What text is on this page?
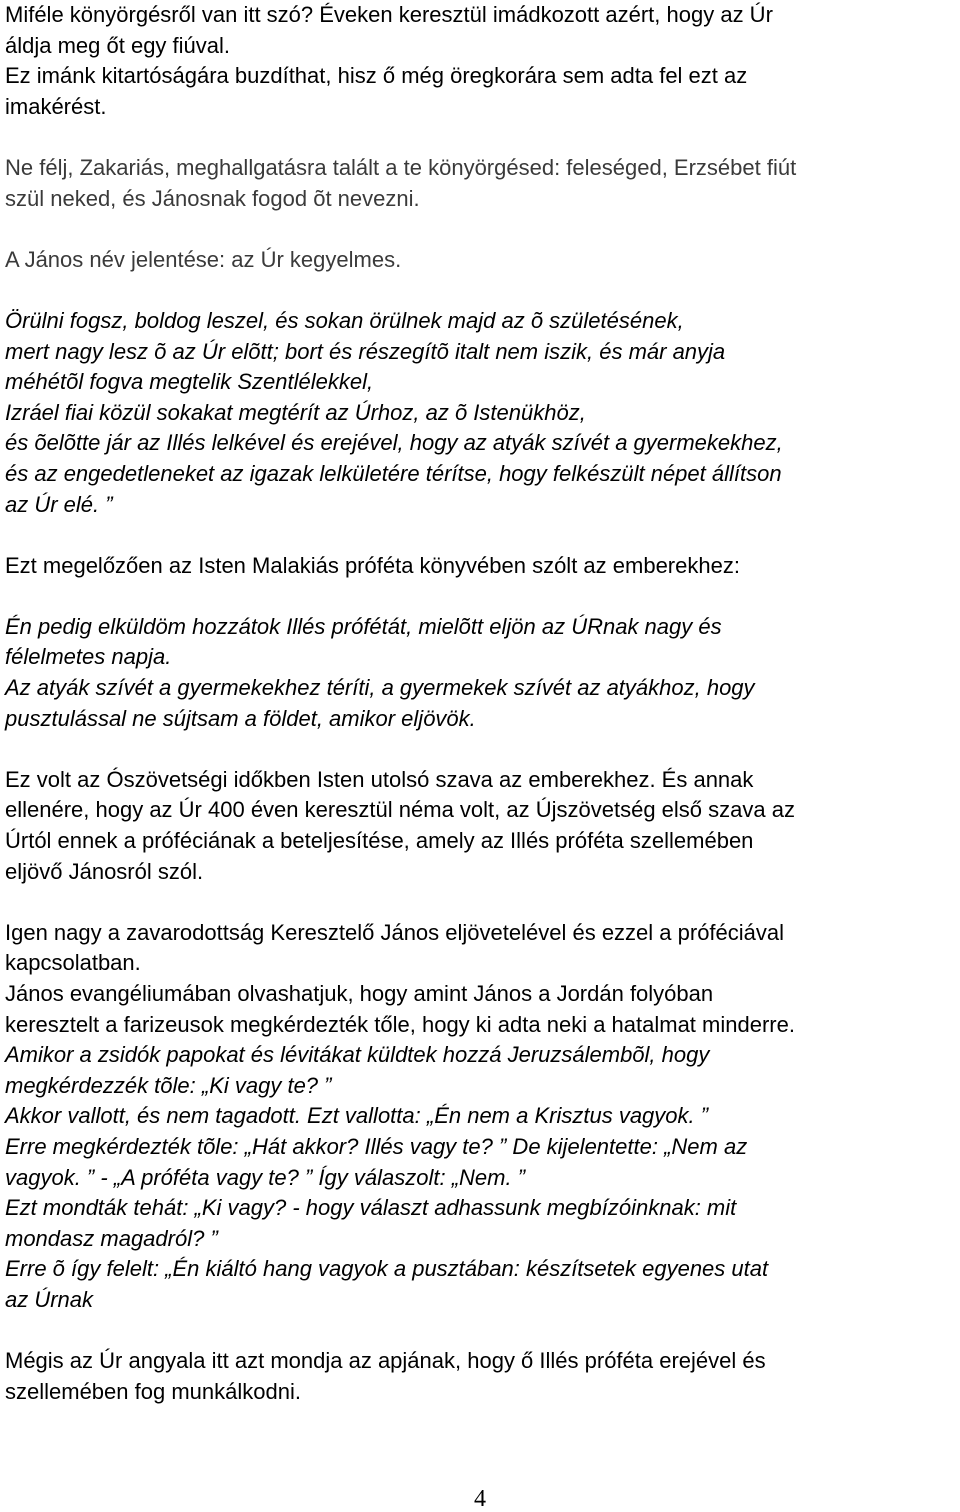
Miféle könyörgésről van itt szó? Éveken keresztül imádkozott azért, hogy az Úr
áldja meg őt egy fiúval.
Ez imánk kitartóságára buzdíthat, hisz ő még öregkorára sem adta fel ezt az
imakérést.
Ne félj, Zakariás, meghallgatásra talált a te könyörgésed: feleséged, Erzsébet fiút
szül neked, és Jánosnak fogod õt nevezni.
A János név jelentése: az Úr kegyelmes.
Örülni fogsz, boldog leszel, és sokan örülnek majd az õ születésének,
mert nagy lesz õ az Úr elõtt; bort és részegítõ italt nem iszik, és már anyja
méhétõl fogva megtelik Szentlélekkel,
Izráel fiai közül sokakat megtérít az Úrhoz, az õ Istenükhöz,
és õelõtte jár az Illés lelkével és erejével, hogy az atyák szívét a gyermekekhez,
és az engedetleneket az igazak lelkületére térítse, hogy felkészült népet állítson
az Úr elé. ”
Ezt megelőzően az Isten Malakiás próféta könyvében szólt az emberekhez:
Én pedig elküldöm hozzátok Illés prófétát, mielõtt eljön az ÚRnak nagy és
félelmetes napja.
Az atyák szívét a gyermekekhez téríti, a gyermekek szívét az atyákhoz, hogy
pusztulással ne sújtsam a földet, amikor eljövök.
Ez volt az Ószövetségi időkben Isten utolsó szava az emberekhez. És annak
ellenére, hogy az Úr 400 éven keresztül néma volt, az Újszövetség első szava az
Úrtól ennek a próféciának a beteljesítése, amely az Illés próféta szellemében
eljövő Jánosról szól.
Igen nagy a zavarodottság Keresztelő János eljövetelével és ezzel a próféciával
kapcsolatban.
János evangéliumában olvashatjuk, hogy amint János a Jordán folyóban
keresztelt a farizeusok megkérdezték tőle, hogy ki adta neki a hatalmat minderre.
Amikor a zsidók papokat és lévitákat küldtek hozzá Jeruzsálembõl, hogy
megkérdezzék tõle: „Ki vagy te? ”
Akkor vallott, és nem tagadott. Ezt vallotta: „Én nem a Krisztus vagyok. ”
Erre megkérdezték tõle: „Hát akkor? Illés vagy te? ” De kijelentette: „Nem az
vagyok. ” - „A próféta vagy te? ” Így válaszolt: „Nem. ”
Ezt mondták tehát: „Ki vagy? - hogy választ adhassunk megbízóinknak: mit
mondasz magadról? ”
Erre õ így felelt: „Én kiáltó hang vagyok a pusztában: készítsetek egyenes utat
az Úrnak
Mégis az Úr angyala itt azt mondja az apjának, hogy ő Illés próféta erejével és
szellemében fog munkálkodni.
4
